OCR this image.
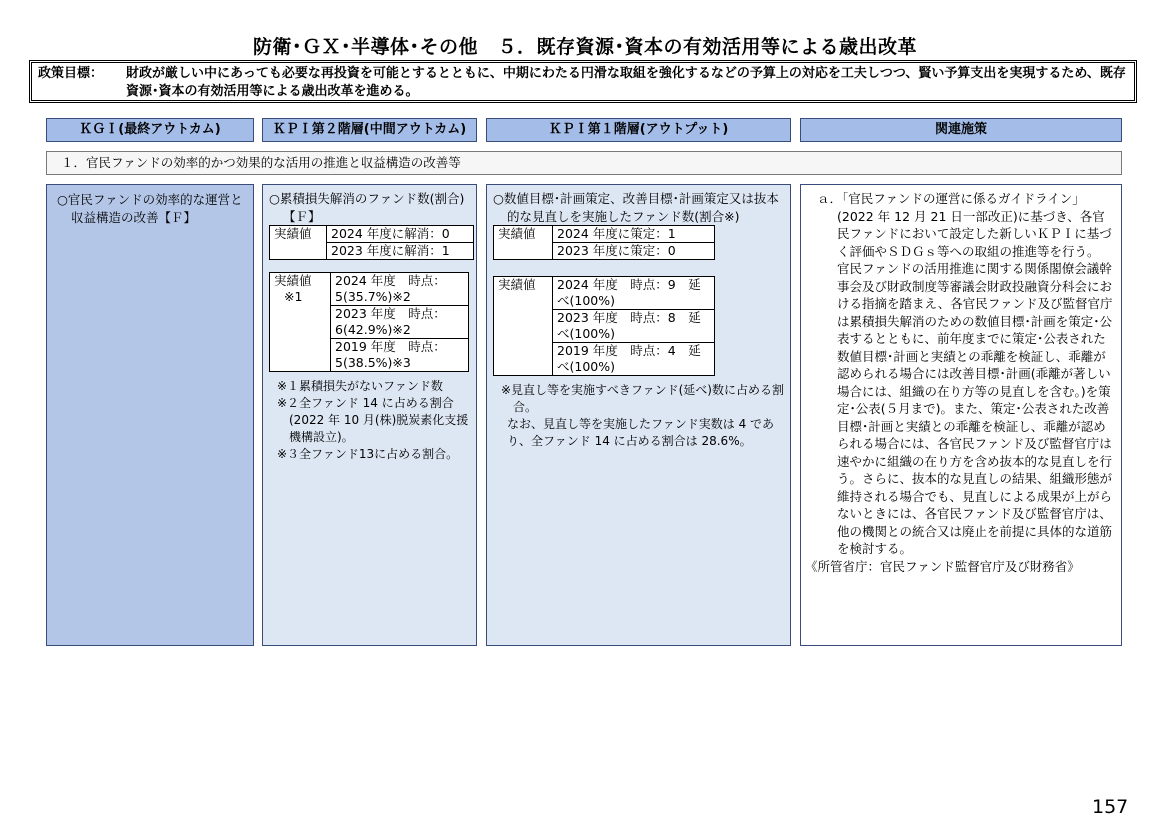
防衛･ＧＸ･半導体･その他　５．既存資源･資本の有効活用等による歳出改革
政策目標： 財政が厳しい中にあっても必要な再投資を可能とするとともに、中期にわたる円滑な取組を強化するなどの予算上の対応を工夫しつつ、賢い予算支出を実現するため、既存資源･資本の有効活用等による歳出改革を進める。
ＫＧＩ(最終アウトカム)	ＫＰＩ第２階層(中間アウトカム)	ＫＰＩ第１階層(アウトプット)	関連施策
１．官民ファンドの効率的かつ効果的な活用の推進と収益構造の改善等
○官民ファンドの効率的な運営と収益構造の改善【Ｆ】
○累積損失解消のファンド数(割合)【Ｆ】
実績値	2024 年度に解消：0
2023 年度に解消：1
実績値
※1
	2024 年度　時点：5(35.7%)※2
2023 年度　時点：6(42.9%)※2
2019 年度　時点：5(38.5%)※3
※１累積損失がないファンド数
※２全ファンド 14 に占める割合(2022 年 10 月(株)脱炭素化支援機構設立)。
※３全ファンド13に占める割合。
○数値目標･計画策定、改善目標･計画策定又は抜本的な見直しを実施したファンド数(割合※)
実績値	2024 年度に策定：1
2023 年度に策定：0
実績値	2024 年度　時点：9　延べ(100%)
2023 年度　時点：8　延べ(100%)
2019 年度　時点：4　延べ(100%)
※見直し等を実施すべきファンド(延べ)数に占める割合。
なお、見直し等を実施したファンド実数は 4 であり、全ファンド 14 に占める割合は 28.6%。

ａ．「官民ファンドの運営に係るガイドライン」(2022 年 12 月 21 日一部改正)に基づき、各官民ファンドにおいて設定した新しいＫＰＩに基づく評価やＳＤＧｓ等への取組の推進等を行う。

官民ファンドの活用推進に関する関係閣僚会議幹事会及び財政制度等審議会財政投融資分科会における指摘を踏まえ、各官民ファンド及び監督官庁は累積損失解消のための数値目標･計画を策定･公表するとともに、前年度までに策定･公表された数値目標･計画と実績との乖離を検証し、乖離が認められる場合には改善目標･計画(乖離が著しい場合には、組織の在り方等の見直しを含む。)を策定･公表(５月まで)。また、策定･公表された改善目標･計画と実績との乖離を検証し、乖離が認められる場合には、各官民ファンド及び監督官庁は速やかに組織の在り方を含め抜本的な見直しを行う。さらに、抜本的な見直しの結果、組織形態が維持される場合でも、見直しによる成果が上がらないときには、各官民ファンド及び監督官庁は、他の機関との統合又は廃止を前提に具体的な道筋を検討する。

《所管省庁：官民ファンド監督官庁及び財務省》

157
